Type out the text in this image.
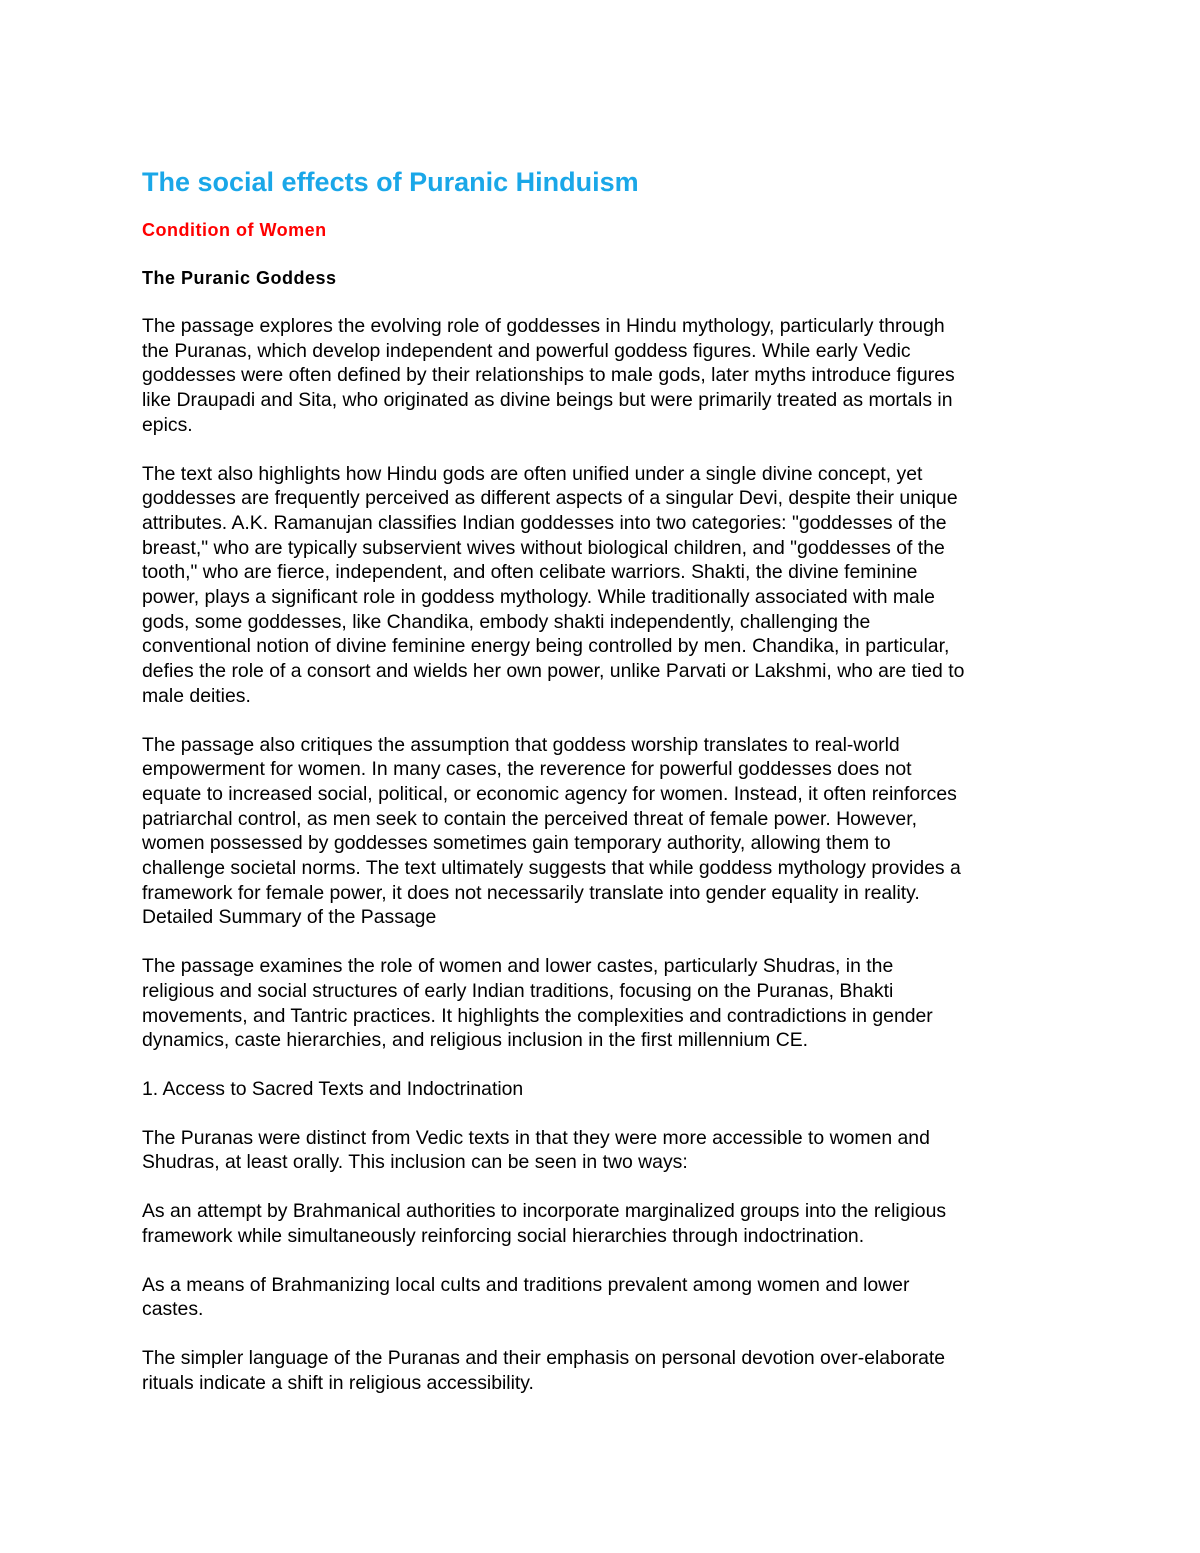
The social effects of Puranic Hinduism
Condition of Women
The Puranic Goddess

The passage explores the evolving role of goddesses in Hindu mythology, particularly through
the Puranas, which develop independent and powerful goddess figures. While early Vedic
goddesses were often defined by their relationships to male gods, later myths introduce figures
like Draupadi and Sita, who originated as divine beings but were primarily treated as mortals in
epics.

The text also highlights how Hindu gods are often unified under a single divine concept, yet
goddesses are frequently perceived as different aspects of a singular Devi, despite their unique
attributes. A.K. Ramanujan classifies Indian goddesses into two categories: "goddesses of the
breast," who are typically subservient wives without biological children, and "goddesses of the
tooth," who are fierce, independent, and often celibate warriors. Shakti, the divine feminine
power, plays a significant role in goddess mythology. While traditionally associated with male
gods, some goddesses, like Chandika, embody shakti independently, challenging the
conventional notion of divine feminine energy being controlled by men. Chandika, in particular,
defies the role of a consort and wields her own power, unlike Parvati or Lakshmi, who are tied to
male deities.

The passage also critiques the assumption that goddess worship translates to real-world
empowerment for women. In many cases, the reverence for powerful goddesses does not
equate to increased social, political, or economic agency for women. Instead, it often reinforces
patriarchal control, as men seek to contain the perceived threat of female power. However,
women possessed by goddesses sometimes gain temporary authority, allowing them to
challenge societal norms. The text ultimately suggests that while goddess mythology provides a
framework for female power, it does not necessarily translate into gender equality in reality.

Detailed Summary of the Passage

The passage examines the role of women and lower castes, particularly Shudras, in the
religious and social structures of early Indian traditions, focusing on the Puranas, Bhakti
movements, and Tantric practices. It highlights the complexities and contradictions in gender
dynamics, caste hierarchies, and religious inclusion in the first millennium CE.

1. Access to Sacred Texts and Indoctrination

The Puranas were distinct from Vedic texts in that they were more accessible to women and
Shudras, at least orally. This inclusion can be seen in two ways:

As an attempt by Brahmanical authorities to incorporate marginalized groups into the religious
framework while simultaneously reinforcing social hierarchies through indoctrination.

As a means of Brahmanizing local cults and traditions prevalent among women and lower
castes.

The simpler language of the Puranas and their emphasis on personal devotion over-elaborate
rituals indicate a shift in religious accessibility.
